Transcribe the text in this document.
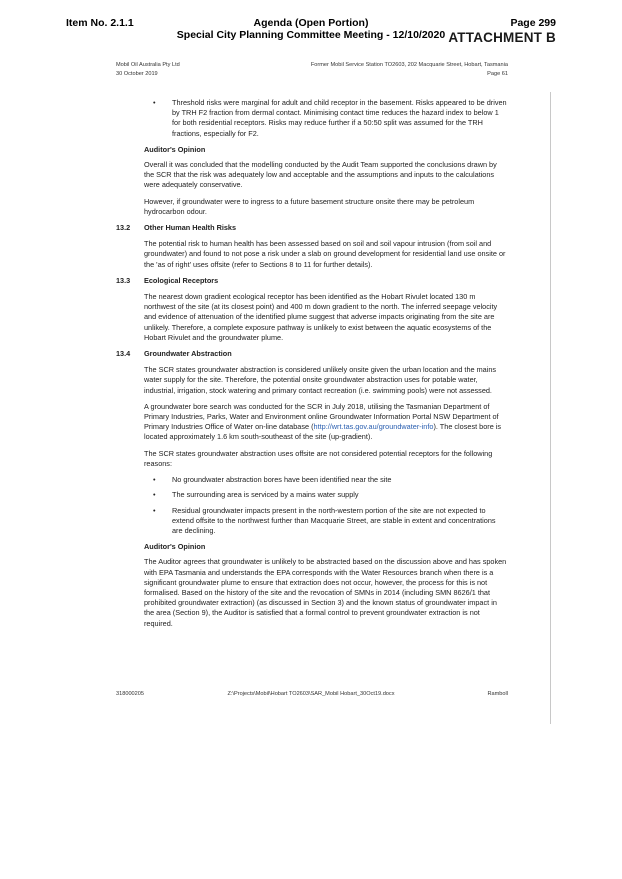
Item No. 2.1.1	Agenda (Open Portion)
Special City Planning Committee Meeting - 12/10/2020
Page 299
ATTACHMENT B
Mobil Oil Australia Pty Ltd
30 October 2019
Former Mobil Service Station TO2603, 202 Macquarie Street, Hobart, Tasmania
Page 61
• Threshold risks were marginal for adult and child receptor in the basement. Risks appeared to be driven by TRH F2 fraction from dermal contact. Minimising contact time reduces the hazard index to below 1 for both residential receptors. Risks may reduce further if a 50:50 split was assumed for the TRH fractions, especially for F2.
Auditor's Opinion

Overall it was concluded that the modelling conducted by the Audit Team supported the conclusions drawn by the SCR that the risk was adequately low and acceptable and the assumptions and inputs to the calculations were adequately conservative.

However, if groundwater were to ingress to a future basement structure onsite there may be petroleum hydrocarbon odour.

13.2	Other Human Health Risks

The potential risk to human health has been assessed based on soil and soil vapour intrusion (from soil and groundwater) and found to not pose a risk under a slab on ground development for residential land use onsite or the 'as of right' uses offsite (refer to Sections 8 to 11 for further details).

13.3	Ecological Receptors

The nearest down gradient ecological receptor has been identified as the Hobart Rivulet located 130 m northwest of the site (at its closest point) and 400 m down gradient to the north. The inferred seepage velocity and evidence of attenuation of the identified plume suggest that adverse impacts originating from the site are unlikely. Therefore, a complete exposure pathway is unlikely to exist between the aquatic ecosystems of the Hobart Rivulet and the groundwater plume.

13.4	Groundwater Abstraction

The SCR states groundwater abstraction is considered unlikely onsite given the urban location and the mains water supply for the site. Therefore, the potential onsite groundwater abstraction uses for potable water, industrial, irrigation, stock watering and primary contact recreation (i.e. swimming pools) were not assessed.

A groundwater bore search was conducted for the SCR in July 2018, utilising the Tasmanian Department of Primary Industries, Parks, Water and Environment online Groundwater Information Portal NSW Department of Primary Industries Office of Water on-line database (http://wrt.tas.gov.au/groundwater-info). The closest bore is located approximately 1.6 km south-southeast of the site (up-gradient).

The SCR states groundwater abstraction uses offsite are not considered potential receptors for the following reasons:

• No groundwater abstraction bores have been identified near the site
• The surrounding area is serviced by a mains water supply
• Residual groundwater impacts present in the north-western portion of the site are not expected to extend offsite to the northwest further than Macquarie Street, are stable in extent and concentrations are declining.
Auditor's Opinion

The Auditor agrees that groundwater is unlikely to be abstracted based on the discussion above and has spoken with EPA Tasmania and understands the EPA corresponds with the Water Resources branch when there is a significant groundwater plume to ensure that extraction does not occur, however, the process for this is not formalised. Based on the history of the site and the revocation of SMNs in 2014 (including SMN 8626/1 that prohibited groundwater extraction) (as discussed in Section 3) and the known status of groundwater impact in the area (Section 9), the Auditor is satisfied that a formal control to prevent groundwater extraction is not required.

318000205	Z:\Projects\Mobil\Hobart TO2603\SAR_Mobil Hobart_30Oct19.docx	Ramboll
